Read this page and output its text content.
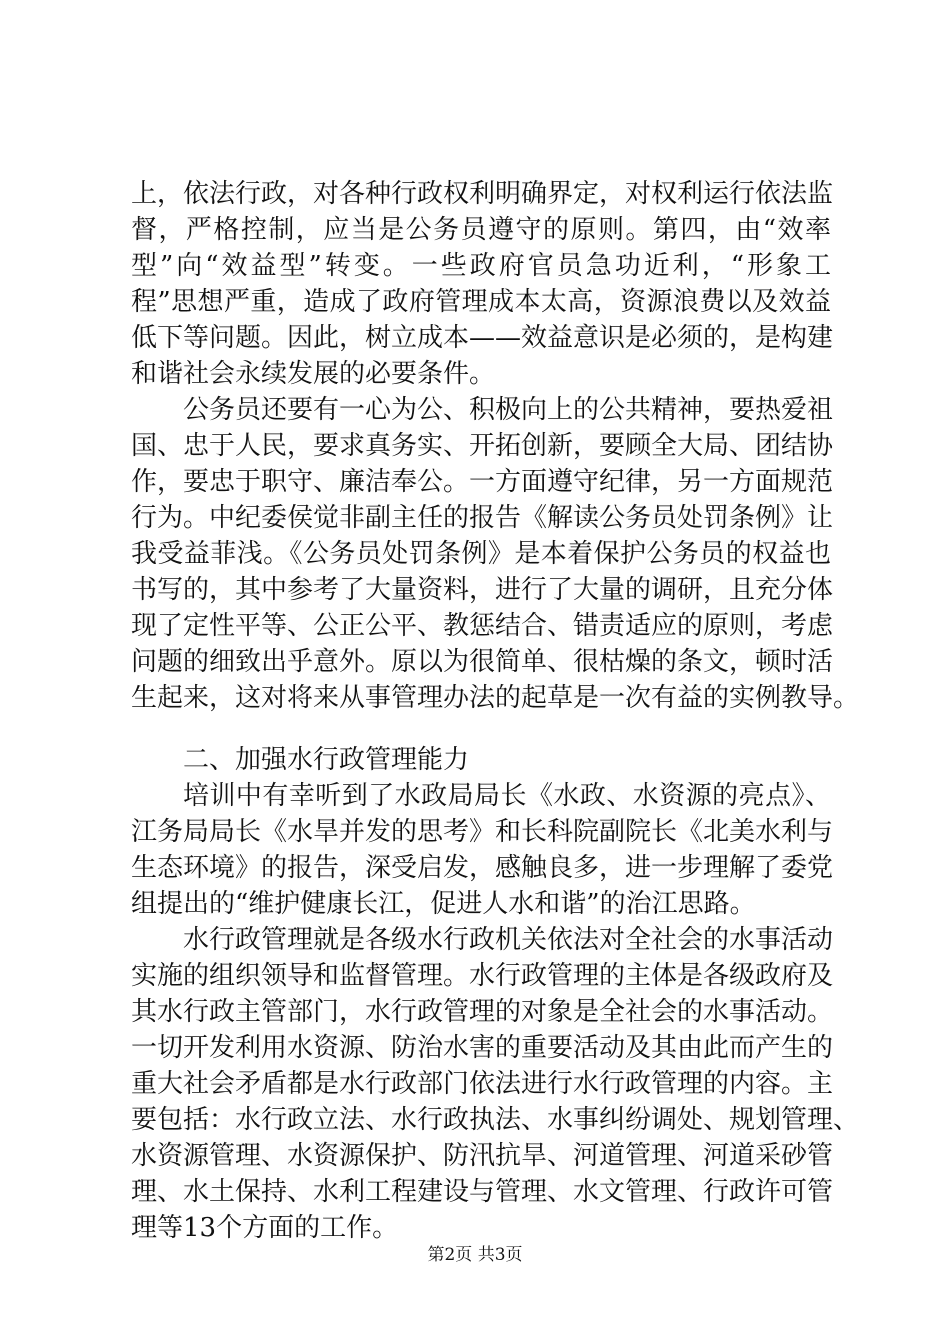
上，依法行政，对各种行政权利明确界定，对权利运行依法监
督，严格控制，应当是公务员遵守的原则。第四，由“效率
型”向“效益型”转变。一些政府官员急功近利，“形象工
程”思想严重，造成了政府管理成本太高，资源浪费以及效益
低下等问题。因此，树立成本——效益意识是必须的，是构建
和谐社会永续发展的必要条件。
公务员还要有一心为公、积极向上的公共精神，要热爱祖
国、忠于人民，要求真务实、开拓创新，要顾全大局、团结协
作，要忠于职守、廉洁奉公。一方面遵守纪律，另一方面规范
行为。中纪委侯觉非副主任的报告《解读公务员处罚条例》让
我受益菲浅。《公务员处罚条例》是本着保护公务员的权益也
书写的，其中参考了大量资料，进行了大量的调研，且充分体
现了定性平等、公正公平、教惩结合、错责适应的原则，考虑
问题的细致出乎意外。原以为很简单、很枯燥的条文，顿时活
生起来，这对将来从事管理办法的起草是一次有益的实例教导。
二、加强水行政管理能力
培训中有幸听到了水政局局长《水政、水资源的亮点》、
江务局局长《水旱并发的思考》和长科院副院长《北美水利与
生态环境》的报告，深受启发，感触良多，进一步理解了委党
组提出的“维护健康长江，促进人水和谐”的治江思路。
水行政管理就是各级水行政机关依法对全社会的水事活动
实施的组织领导和监督管理。水行政管理的主体是各级政府及
其水行政主管部门，水行政管理的对象是全社会的水事活动。
一切开发利用水资源、防治水害的重要活动及其由此而产生的
重大社会矛盾都是水行政部门依法进行水行政管理的内容。主
要包括：水行政立法、水行政执法、水事纠纷调处、规划管理、
水资源管理、水资源保护、防汛抗旱、河道管理、河道采砂管
理、水土保持、水利工程建设与管理、水文管理、行政许可管
理等13个方面的工作。
第2页 共3页
